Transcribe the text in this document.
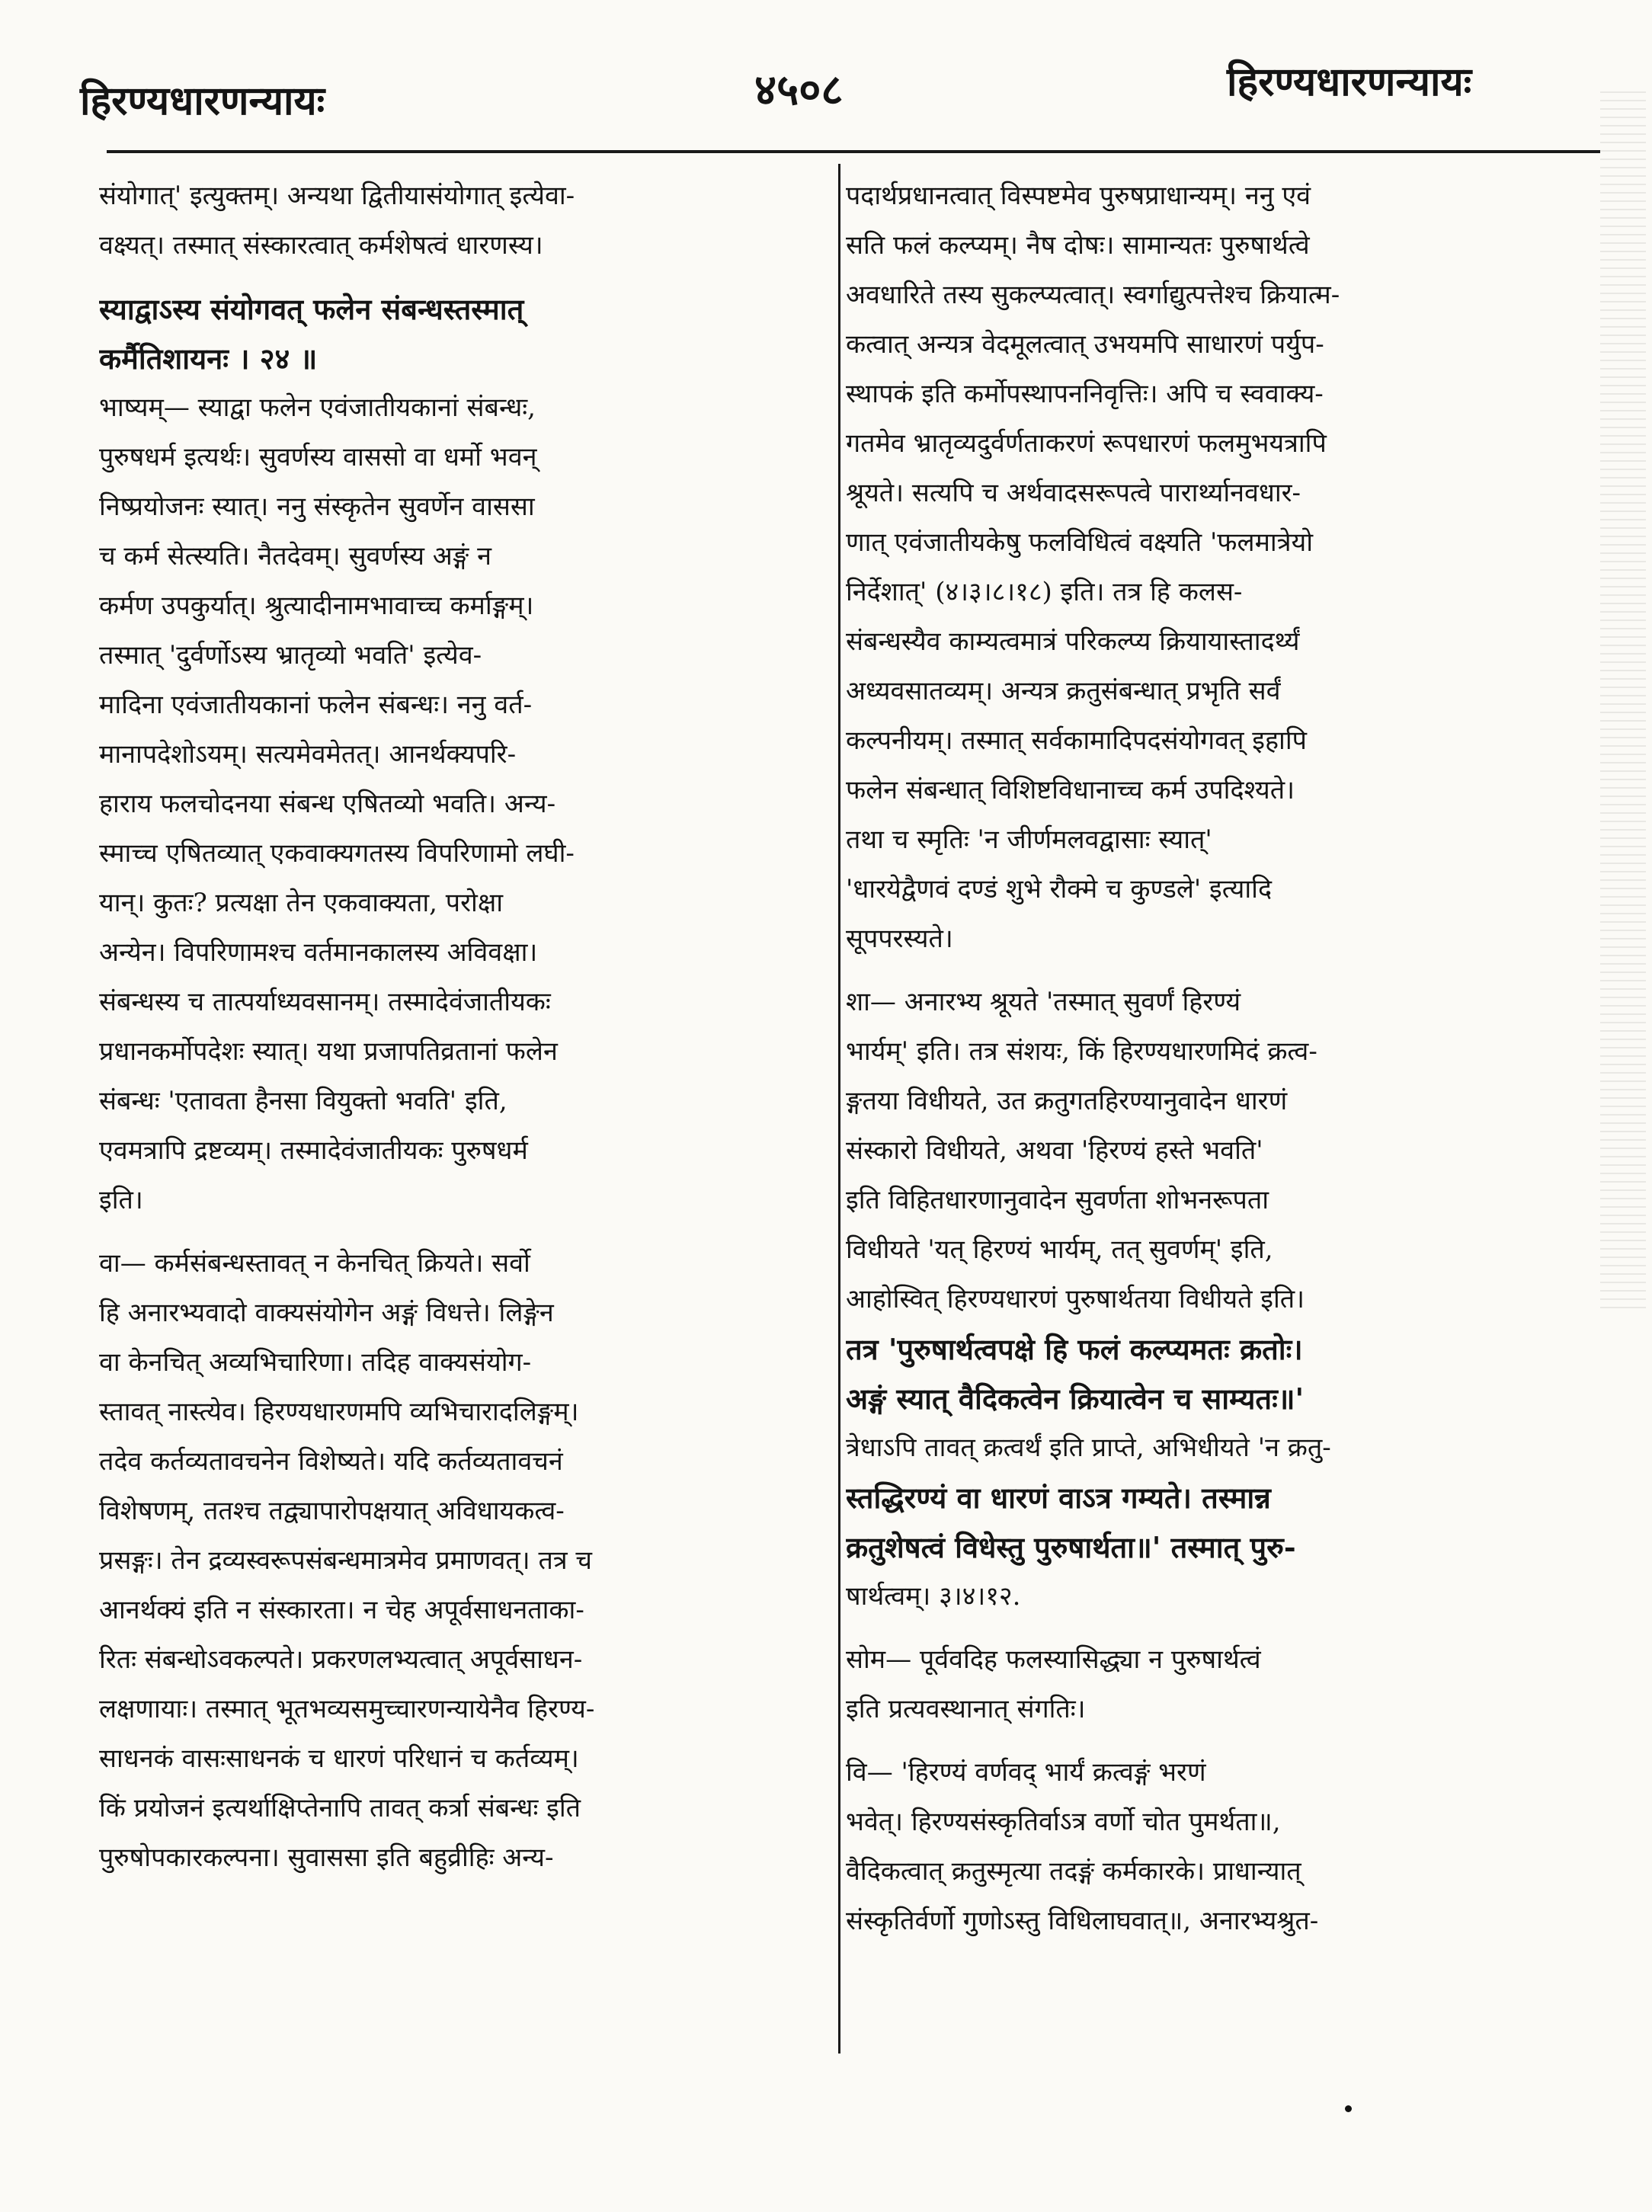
हिरण्यधारणन्यायः	४५०८	हिरण्यधारणन्यायः
संयोगात्' इत्युक्तम्। अन्यथा द्वितीयासंयोगात् इत्येवा-
वक्ष्यत्। तस्मात् संस्कारत्वात् कर्मशेषत्वं धारणस्य।
स्याद्वाऽस्य संयोगवत् फलेन संबन्धस्तस्मात्
कर्मैतिशायनः । २४ ॥
भाष्यम्— स्याद्वा फलेन एवंजातीयकानां संबन्धः,
पुरुषधर्म इत्यर्थः। सुवर्णस्य वाससो वा धर्मो भवन्
निष्प्रयोजनः स्यात्। ननु संस्कृतेन सुवर्णेन वाससा
च कर्म सेत्स्यति। नैतदेवम्। सुवर्णस्य अङ्गं न
कर्मण उपकुर्यात्। श्रुत्यादीनामभावाच्च कर्माङ्गम्।
तस्मात् 'दुर्वर्णोऽस्य भ्रातृव्यो भवति' इत्येव-
मादिना एवंजातीयकानां फलेन संबन्धः। ननु वर्त-
मानापदेशोऽयम्। सत्यमेवमेतत्। आनर्थक्यपरि-
हाराय फलचोदनया संबन्ध एषितव्यो भवति। अन्य-
स्माच्च एषितव्यात् एकवाक्यगतस्य विपरिणामो लघी-
यान्। कुतः? प्रत्यक्षा तेन एकवाक्यता, परोक्षा
अन्येन। विपरिणामश्च वर्तमानकालस्य अविवक्षा।
संबन्धस्य च तात्पर्याध्यवसानम्। तस्मादेवंजातीयकः
प्रधानकर्मोपदेशः स्यात्। यथा प्रजापतिव्रतानां फलेन
संबन्धः 'एतावता हैनसा वियुक्तो भवति' इति,
एवमत्रापि द्रष्टव्यम्। तस्मादेवंजातीयकः पुरुषधर्म
इति।
वा— कर्मसंबन्धस्तावत् न केनचित् क्रियते। सर्वो
हि अनारभ्यवादो वाक्यसंयोगेन अङ्गं विधत्ते। लिङ्गेन
वा केनचित् अव्यभिचारिणा। तदिह वाक्यसंयोग-
स्तावत् नास्त्येव। हिरण्यधारणमपि व्यभिचारादलिङ्गम्।
तदेव कर्तव्यतावचनेन विशेष्यते। यदि कर्तव्यतावचनं
विशेषणम्, ततश्च तद्व्यापारोपक्षयात् अविधायकत्व-
प्रसङ्गः। तेन द्रव्यस्वरूपसंबन्धमात्रमेव प्रमाणवत्। तत्र च
आनर्थक्यं इति न संस्कारता। न चेह अपूर्वसाधनताका-
रितः संबन्धोऽवकल्पते। प्रकरणलभ्यत्वात् अपूर्वसाधन-
लक्षणायाः। तस्मात् भूतभव्यसमुच्चारणन्यायेनैव हिरण्य-
साधनकं वासःसाधनकं च धारणं परिधानं च कर्तव्यम्।
किं प्रयोजनं इत्यर्थाक्षिप्तेनापि तावत् कर्त्रा संबन्धः इति
पुरुषोपकारकल्पना। सुवाससा इति बहुव्रीहिः अन्य-
पदार्थप्रधानत्वात् विस्पष्टमेव पुरुषप्राधान्यम्। ननु एवं
सति फलं कल्प्यम्। नैष दोषः। सामान्यतः पुरुषार्थत्वे
अवधारिते तस्य सुकल्प्यत्वात्। स्वर्गाद्युत्पत्तेश्च क्रियात्म-
कत्वात् अन्यत्र वेदमूलत्वात् उभयमपि साधारणं पर्युप-
स्थापकं इति कर्मोपस्थापननिवृत्तिः। अपि च स्ववाक्य-
गतमेव भ्रातृव्यदुर्वर्णताकरणं रूपधारणं फलमुभयत्रापि
श्रूयते। सत्यपि च अर्थवादसरूपत्वे पारार्थ्यानवधार-
णात् एवंजातीयकेषु फलविधित्वं वक्ष्यति 'फलमात्रेयो
निर्देशात्' (४।३।८।१८) इति। तत्र हि कलस-
संबन्धस्यैव काम्यत्वमात्रं परिकल्प्य क्रियायास्तादर्थ्यं
अध्यवसातव्यम्। अन्यत्र क्रतुसंबन्धात् प्रभृति सर्वं
कल्पनीयम्। तस्मात् सर्वकामादिपदसंयोगवत् इहापि
फलेन संबन्धात् विशिष्टविधानाच्च कर्म उपदिश्यते।
तथा च स्मृतिः 'न जीर्णमलवद्वासाः स्यात्'
'धारयेद्वैणवं दण्डं शुभे रौक्मे च कुण्डले' इत्यादि
सूपपरस्यते।
शा— अनारभ्य श्रूयते 'तस्मात् सुवर्णं हिरण्यं
भार्यम्' इति। तत्र संशयः, किं हिरण्यधारणमिदं क्रत्व-
ङ्गतया विधीयते, उत क्रतुगतहिरण्यानुवादेन धारणं
संस्कारो विधीयते, अथवा 'हिरण्यं हस्ते भवति'
इति विहितधारणानुवादेन सुवर्णता शोभनरूपता
विधीयते 'यत् हिरण्यं भार्यम्, तत् सुवर्णम्' इति,
आहोस्वित् हिरण्यधारणं पुरुषार्थतया विधीयते इति।
तत्र 'पुरुषार्थत्वपक्षे हि फलं कल्प्यमतः क्रतोः।
अङ्गं स्यात् वैदिकत्वेन क्रियात्वेन च साम्यतः॥'
त्रेधाऽपि तावत् क्रत्वर्थं इति प्राप्ते, अभिधीयते 'न क्रतु-
स्तद्धिरण्यं वा धारणं वाऽत्र गम्यते। तस्मान्न
क्रतुशेषत्वं विधेस्तु पुरुषार्थता॥' तस्मात् पुरु-
षार्थत्वम्। ३।४।१२.
सोम— पूर्ववदिह फलस्यासिद्ध्या न पुरुषार्थत्वं
इति प्रत्यवस्थानात् संगतिः।
वि— 'हिरण्यं वर्णवद् भार्यं क्रत्वङ्गं भरणं
भवेत्। हिरण्यसंस्कृतिर्वाऽत्र वर्णो चोत पुमर्थता॥,
वैदिकत्वात् क्रतुस्मृत्या तदङ्गं कर्मकारके। प्राधान्यात्
संस्कृतिर्वर्णो गुणोऽस्तु विधिलाघवात्॥, अनारभ्यश्रुत-
